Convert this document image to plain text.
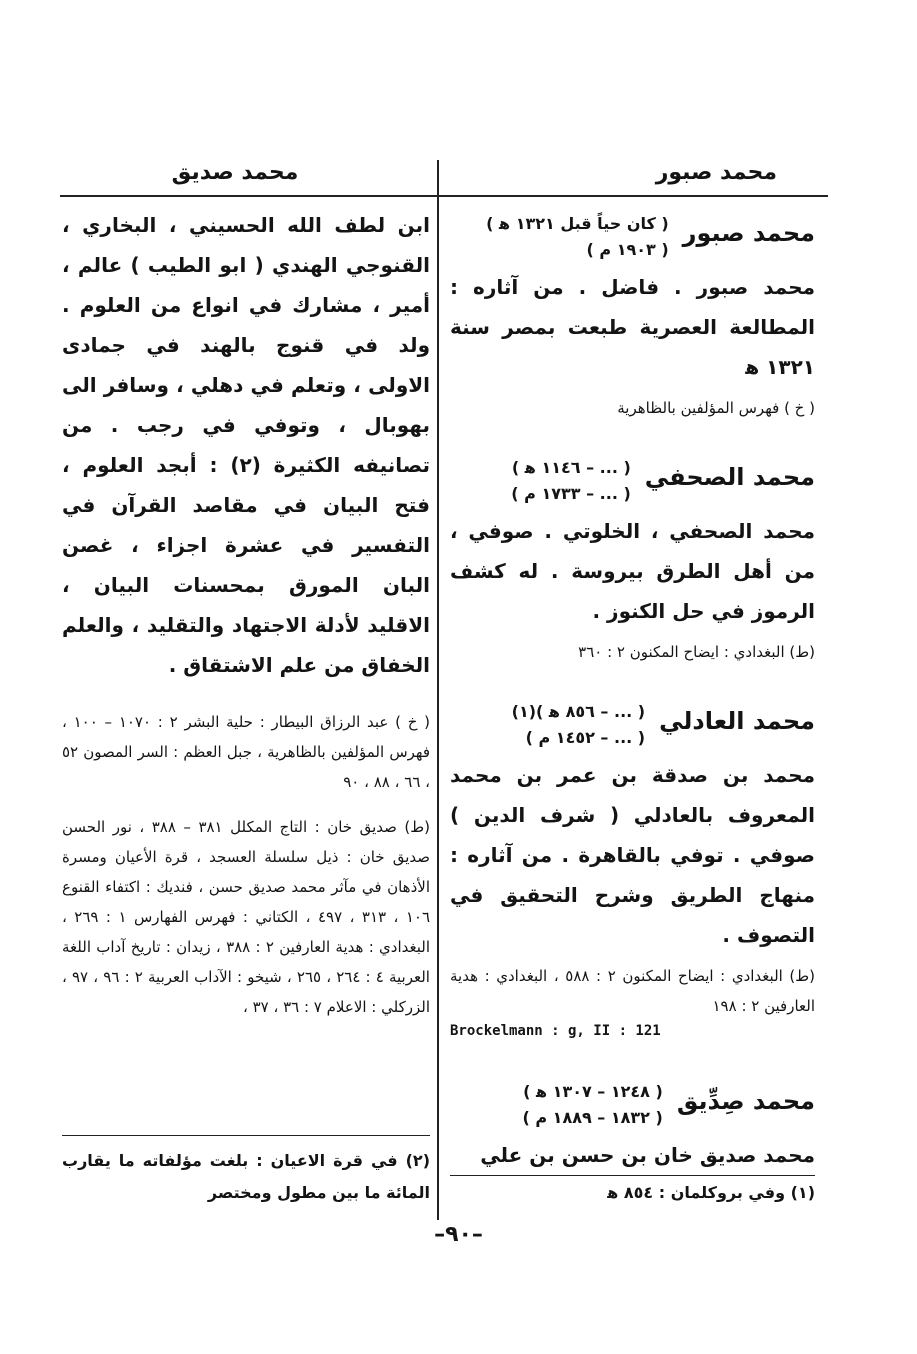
محمد صبور
محمد صديق
محمد صبور
( كان حياً قبل ١٣٢١ ﻫ )
( ١٩٠٣ م )

محمد صبور . فاضل . من آثاره : المطالعة العصرية طبعت بمصر سنة ١٣٢١ ﻫ

( خ ) فهرس المؤلفين بالظاهرية

محمد الصحفي
( ... – ١١٤٦ ﻫ )
( ... – ١٧٣٣ م )

محمد الصحفي ، الخلوتي . صوفي ، من أهل الطرق بيروسة . له كشف الرموز في حل الكنوز .

(ط) البغدادي : ايضاح المكنون ٢ : ٣٦٠

محمد العادلي
( ... – ٨٥٦ ﻫ )(١)
( ... – ١٤٥٢ م )

محمد بن صدقة بن عمر بن محمد المعروف بالعادلي ( شرف الدين ) صوفي . توفي بالقاهرة . من آثاره : منهاج الطريق وشرح التحقيق في التصوف .

(ط) البغدادي : ايضاح المكنون ٢ : ٥٨٨ ، البغدادي : هدية العارفين ٢ : ١٩٨

Brockelmann : g, II : 121
محمد صِدِّيق
( ١٢٤٨ – ١٣٠٧ ﻫ )
( ١٨٣٢ – ١٨٨٩ م )

محمد صديق خان بن حسن بن علي

ابن لطف الله الحسيني ، البخاري ، القنوجي الهندي ( ابو الطيب ) عالم ، أمير ، مشارك في انواع من العلوم . ولد في قنوج بالهند في جمادى الاولى ، وتعلم في دهلي ، وسافر الى بهوبال ، وتوفي في رجب . من تصانيفه الكثيرة (٢) : أبجد العلوم ، فتح البيان في مقاصد القرآن في التفسير في عشرة اجزاء ، غصن البان المورق بمحسنات البيان ، الاقليد لأدلة الاجتهاد والتقليد ، والعلم الخفاق من علم الاشتقاق .

( خ ) عبد الرزاق البيطار : حلية البشر ٢ : ١٠٧٠ – ١٠٠ ، فهرس المؤلفين بالظاهرية ، جبل العظم : السر المصون ٥٢ ، ٦٦ ، ٨٨ ، ٩٠

(ط) صديق خان : التاج المكلل ٣٨١ – ٣٨٨ ، نور الحسن صديق خان : ذيل سلسلة العسجد ، قرة الأعيان ومسرة الأذهان في مآثر محمد صديق حسن ، فنديك : اكتفاء القنوع ١٠٦ ، ٣١٣ ، ٤٩٧ ، الكتاني : فهرس الفهارس ١ : ٢٦٩ ، البغدادي : هدية العارفين ٢ : ٣٨٨ ، زيدان : تاريخ آداب اللغة العربية ٤ : ٢٦٤ ، ٢٦٥ ، شيخو : الآداب العربية ٢ : ٩٦ ، ٩٧ ، الزركلي : الاعلام ٧ : ٣٦ ، ٣٧ ،

(٢) في قرة الاعيان : بلغت مؤلفاته ما يقارب المائة ما بين مطول ومختصر	(١) وفي بروكلمان : ٨٥٤ ﻫ
–٩٠–
